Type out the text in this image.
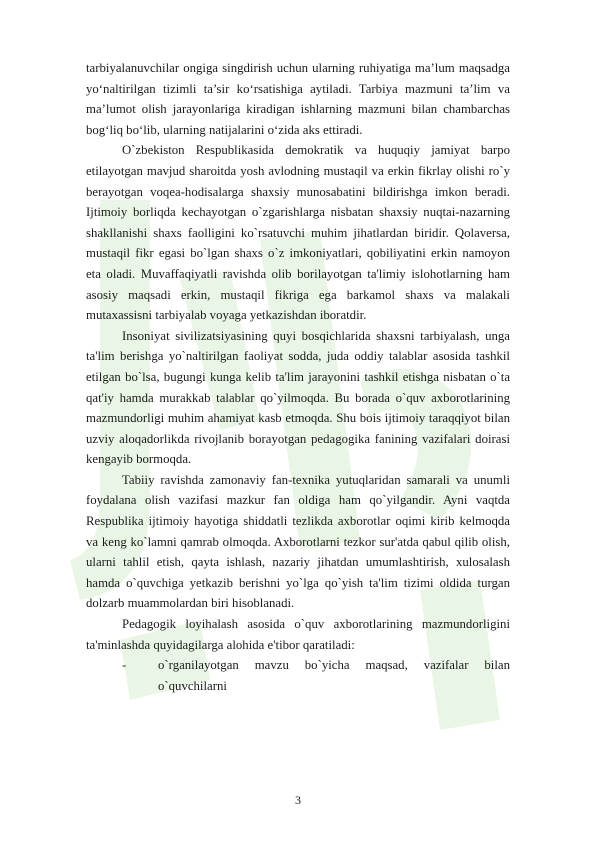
tarbiyalanuvchilar ongiga singdirish uchun ularning ruhiyatiga ma’lum maqsadga yo‘naltirilgan tizimli ta’sir ko‘rsatishiga aytiladi. Tarbiya mazmuni ta’lim va ma’lumot olish jarayonlariga kiradigan ishlarning mazmuni bilan chambarchas bog‘liq bo‘lib, ularning natijalarini o‘zida aks ettiradi.

O`zbekiston Respublikasida demokratik va huquqiy jamiyat barpo etilayotgan mavjud sharoitda yosh avlodning mustaqil va erkin fikrlay olishi ro`y berayotgan voqea-hodisalarga shaxsiy munosabatini bildirishga imkon beradi. Ijtimoiy borliqda kechayotgan o`zgarishlarga nisbatan shaxsiy nuqtai-nazarning shakllanishi shaxs faolligini ko`rsatuvchi muhim jihatlardan biridir. Qolaversa, mustaqil fikr egasi bo`lgan shaxs o`z imkoniyatlari, qobiliyatini erkin namoyon eta oladi. Muvaffaqiyatli ravishda olib borilayotgan ta'limiy islohotlarning ham asosiy maqsadi erkin, mustaqil fikriga ega barkamol shaxs va malakali mutaxassisni tarbiyalab voyaga yetkazishdan iboratdir.

Insoniyat sivilizatsiyasining quyi bosqichlarida shaxsni tarbiyalash, unga ta'lim berishga yo`naltirilgan faoliyat sodda, juda oddiy talablar asosida tashkil etilgan bo`lsa, bugungi kunga kelib ta'lim jarayonini tashkil etishga nisbatan o`ta qat'iy hamda murakkab talablar qo`yilmoqda. Bu borada o`quv axborotlarining mazmundorligi muhim ahamiyat kasb etmoqda. Shu bois ijtimoiy taraqqiyot bilan uzviy aloqadorlikda rivojlanib borayotgan pedagogika fanining vazifalari doirasi kengayib bormoqda.

Tabiiy ravishda zamonaviy fan-texnika yutuqlaridan samarali va unumli foydalana olish vazifasi mazkur fan oldiga ham qo`yilgandir. Ayni vaqtda Respublika ijtimoiy hayotiga shiddatli tezlikda axborotlar oqimi kirib kelmoqda va keng ko`lamni qamrab olmoqda. Axborotlarni tezkor sur'atda qabul qilib olish, ularni tahlil etish, qayta ishlash, nazariy jihatdan umumlashtirish, xulosalash hamda o`quvchiga yetkazib berishni yo`lga qo`yish ta'lim tizimi oldida turgan dolzarb muammolardan biri hisoblanadi.

Pedagogik loyihalash asosida o`quv axborotlarining mazmundorligini ta'minlashda quyidagilarga alohida e'tibor qaratiladi:

-	o`rganilayotgan mavzu bo`yicha maqsad, vazifalar bilan o`quvchilarni
3
